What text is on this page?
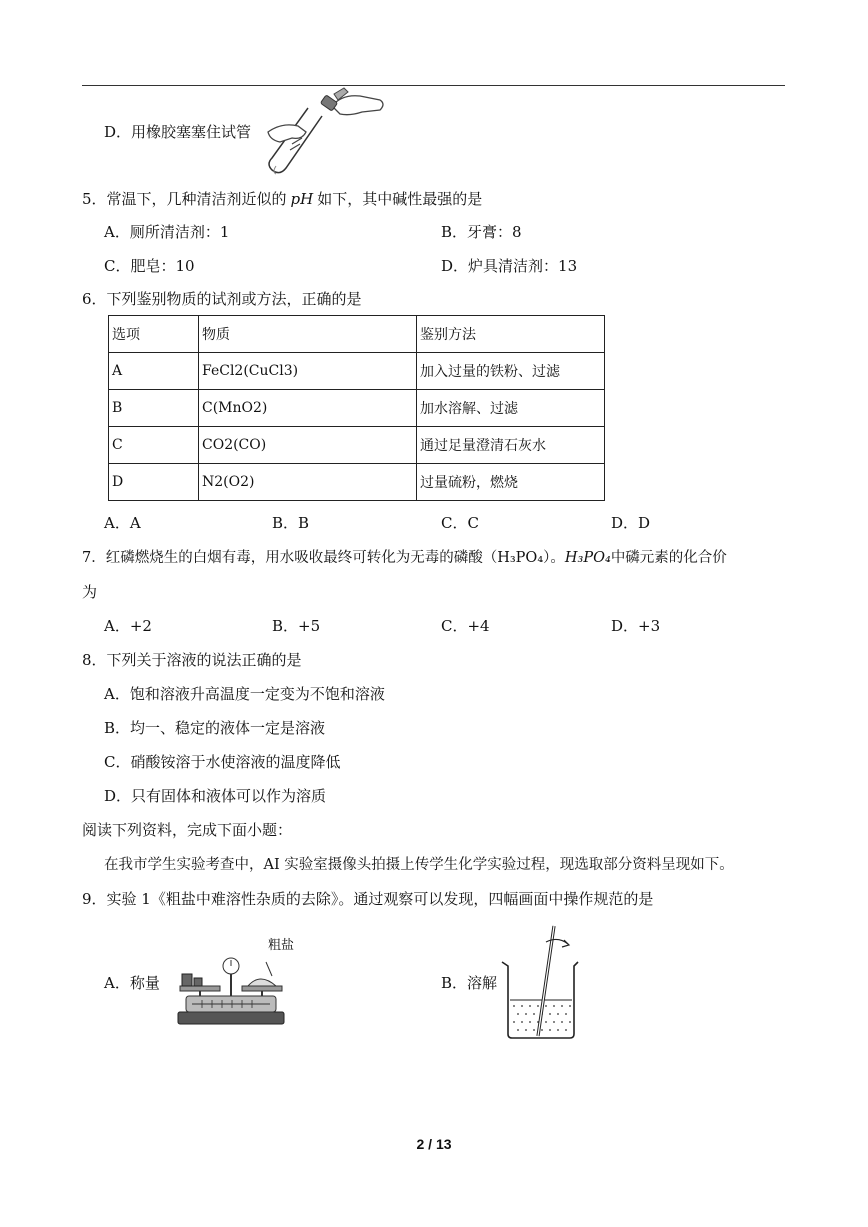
D．用橡胶塞塞住试管
5．常温下，几种清洁剂近似的 pH 如下，其中碱性最强的是
A．厕所清洁剂：1	B．牙膏：8
C．肥皂：10	D．炉具清洁剂：13
6．下列鉴别物质的试剂或方法，正确的是
选项	物质	鉴别方法
A	FeCl2(CuCl3)	加入过量的铁粉、过滤
B	C(MnO2)	加水溶解、过滤
C	CO2(CO)	通过足量澄清石灰水
D	N2(O2)	过量硫粉，燃烧
A．A	B．B	C．C	D．D
7．红磷燃烧生的白烟有毒，用水吸收最终可转化为无毒的磷酸（H₃PO₄）。H₃PO₄中磷元素的化合价
为
A．+2	B．+5	C．+4	D．+3
8．下列关于溶液的说法正确的是
A．饱和溶液升高温度一定变为不饱和溶液
B．均一、稳定的液体一定是溶液
C．硝酸铵溶于水使溶液的温度降低
D．只有固体和液体可以作为溶质
阅读下列资料，完成下面小题：
在我市学生实验考查中，AI 实验室摄像头拍摄上传学生化学实验过程，现选取部分资料呈现如下。
9．实验 1《粗盐中难溶性杂质的去除》。通过观察可以发现，四幅画面中操作规范的是
A．称量	B．溶解
粗盐
2 / 13
